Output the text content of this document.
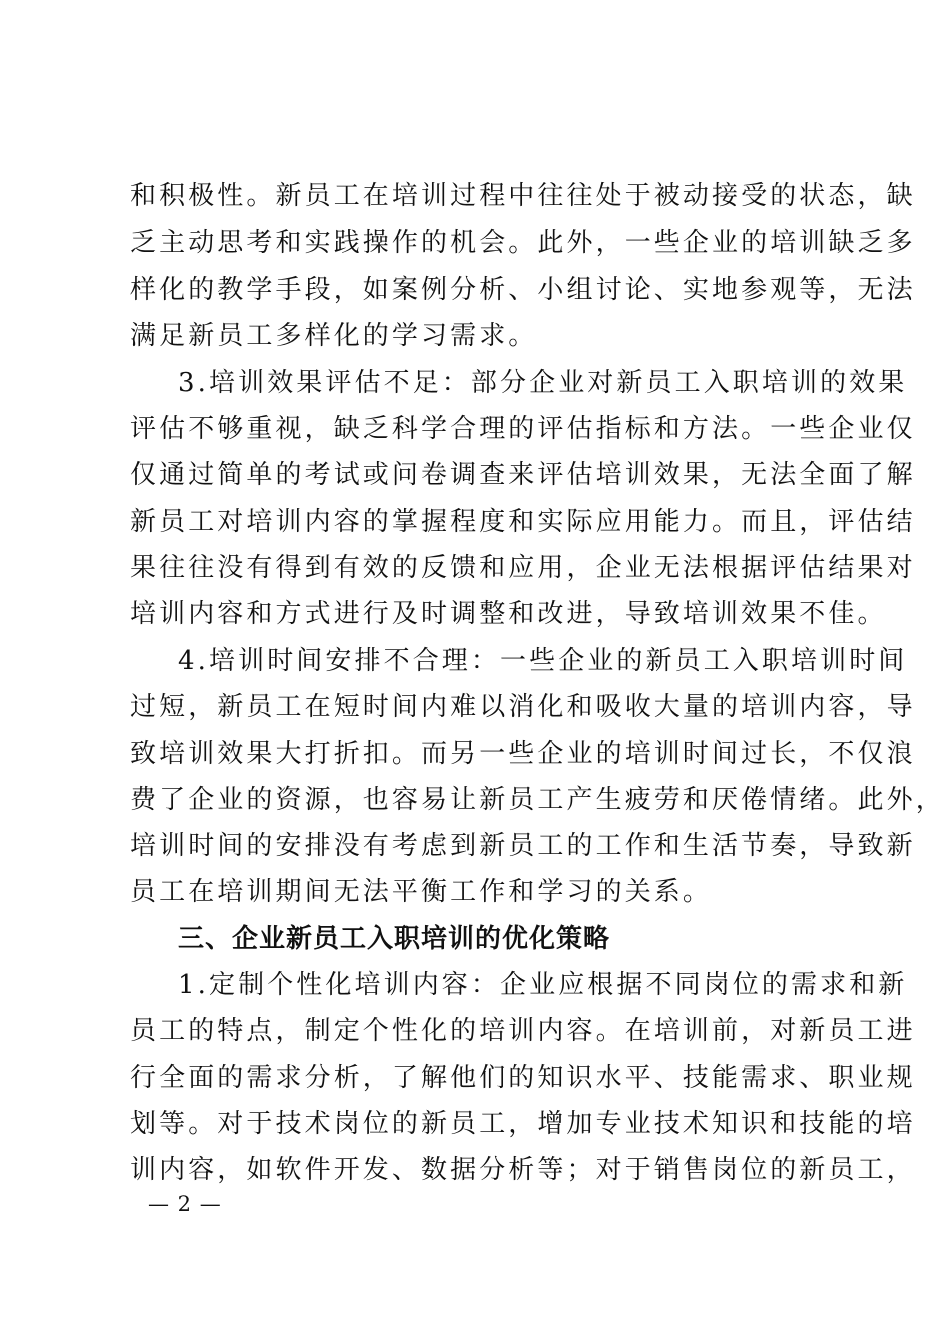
和积极性。新员工在培训过程中往往处于被动接受的状态，缺
乏主动思考和实践操作的机会。此外，一些企业的培训缺乏多
样化的教学手段，如案例分析、小组讨论、实地参观等，无法
满足新员工多样化的学习需求。
3.培训效果评估不足：部分企业对新员工入职培训的效果
评估不够重视，缺乏科学合理的评估指标和方法。一些企业仅
仅通过简单的考试或问卷调查来评估培训效果，无法全面了解
新员工对培训内容的掌握程度和实际应用能力。而且，评估结
果往往没有得到有效的反馈和应用，企业无法根据评估结果对
培训内容和方式进行及时调整和改进，导致培训效果不佳。
4.培训时间安排不合理：一些企业的新员工入职培训时间
过短，新员工在短时间内难以消化和吸收大量的培训内容，导
致培训效果大打折扣。而另一些企业的培训时间过长，不仅浪
费了企业的资源，也容易让新员工产生疲劳和厌倦情绪。此外，
培训时间的安排没有考虑到新员工的工作和生活节奏，导致新
员工在培训期间无法平衡工作和学习的关系。
三、企业新员工入职培训的优化策略
1.定制个性化培训内容：企业应根据不同岗位的需求和新
员工的特点，制定个性化的培训内容。在培训前，对新员工进
行全面的需求分析，了解他们的知识水平、技能需求、职业规
划等。对于技术岗位的新员工，增加专业技术知识和技能的培
训内容，如软件开发、数据分析等；对于销售岗位的新员工，
— 2 —
